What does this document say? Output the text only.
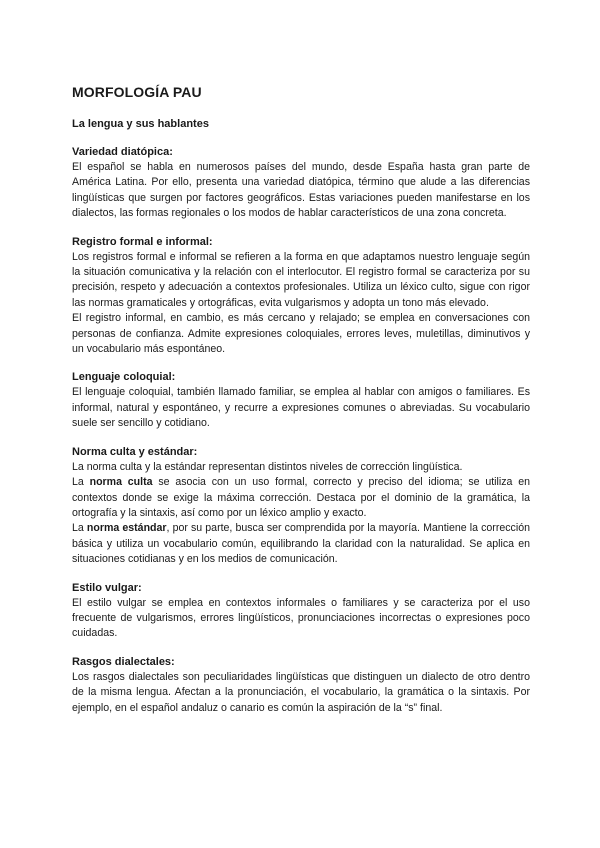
MORFOLOGÍA PAU
La lengua y sus hablantes

Variedad diatópica:

El español se habla en numerosos países del mundo, desde España hasta gran parte de América Latina. Por ello, presenta una variedad diatópica, término que alude a las diferencias lingüísticas que surgen por factores geográficos. Estas variaciones pueden manifestarse en los dialectos, las formas regionales o los modos de hablar característicos de una zona concreta.

Registro formal e informal:

Los registros formal e informal se refieren a la forma en que adaptamos nuestro lenguaje según la situación comunicativa y la relación con el interlocutor. El registro formal se caracteriza por su precisión, respeto y adecuación a contextos profesionales. Utiliza un léxico culto, sigue con rigor las normas gramaticales y ortográficas, evita vulgarismos y adopta un tono más elevado.

El registro informal, en cambio, es más cercano y relajado; se emplea en conversaciones con personas de confianza. Admite expresiones coloquiales, errores leves, muletillas, diminutivos y un vocabulario más espontáneo.

Lenguaje coloquial:

El lenguaje coloquial, también llamado familiar, se emplea al hablar con amigos o familiares. Es informal, natural y espontáneo, y recurre a expresiones comunes o abreviadas. Su vocabulario suele ser sencillo y cotidiano.

Norma culta y estándar:

La norma culta y la estándar representan distintos niveles de corrección lingüística.

La norma culta se asocia con un uso formal, correcto y preciso del idioma; se utiliza en contextos donde se exige la máxima corrección. Destaca por el dominio de la gramática, la ortografía y la sintaxis, así como por un léxico amplio y exacto.

La norma estándar, por su parte, busca ser comprendida por la mayoría. Mantiene la corrección básica y utiliza un vocabulario común, equilibrando la claridad con la naturalidad. Se aplica en situaciones cotidianas y en los medios de comunicación.

Estilo vulgar:

El estilo vulgar se emplea en contextos informales o familiares y se caracteriza por el uso frecuente de vulgarismos, errores lingüísticos, pronunciaciones incorrectas o expresiones poco cuidadas.

Rasgos dialectales:

Los rasgos dialectales son peculiaridades lingüísticas que distinguen un dialecto de otro dentro de la misma lengua. Afectan a la pronunciación, el vocabulario, la gramática o la sintaxis. Por ejemplo, en el español andaluz o canario es común la aspiración de la “s” final.
